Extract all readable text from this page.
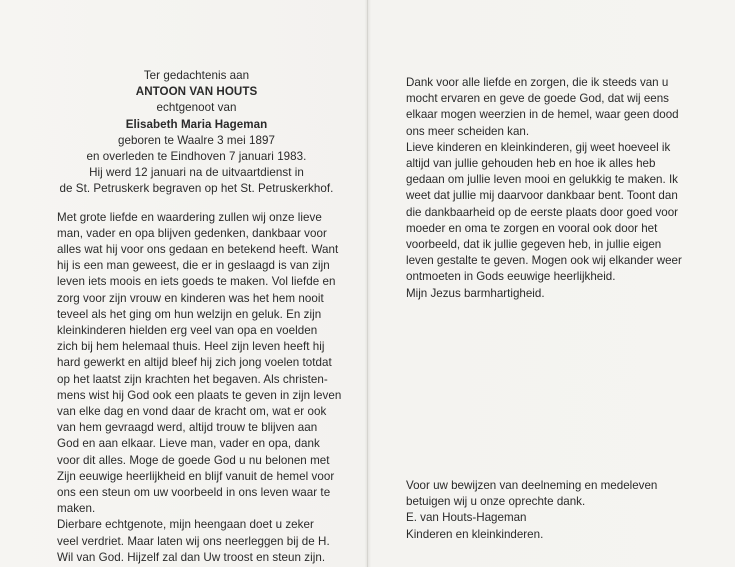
Ter gedachtenis aan
ANTOON VAN HOUTS
echtgenoot van
Elisabeth Maria Hageman
geboren te Waalre 3 mei 1897
en overleden te Eindhoven 7 januari 1983.
Hij werd 12 januari na de uitvaartdienst in
de St. Petruskerk begraven op het St. Petruskerkhof.
Met grote liefde en waardering zullen wij onze lieve
man, vader en opa blijven gedenken, dankbaar voor
alles wat hij voor ons gedaan en betekend heeft. Want
hij is een man geweest, die er in geslaagd is van zijn
leven iets moois en iets goeds te maken. Vol liefde en
zorg voor zijn vrouw en kinderen was het hem nooit
teveel als het ging om hun welzijn en geluk. En zijn
kleinkinderen hielden erg veel van opa en voelden
zich bij hem helemaal thuis. Heel zijn leven heeft hij
hard gewerkt en altijd bleef hij zich jong voelen totdat
op het laatst zijn krachten het begaven. Als christen-
mens wist hij God ook een plaats te geven in zijn leven
van elke dag en vond daar de kracht om, wat er ook
van hem gevraagd werd, altijd trouw te blijven aan
God en aan elkaar. Lieve man, vader en opa, dank
voor dit alles. Moge de goede God u nu belonen met
Zijn eeuwige heerlijkheid en blijf vanuit de hemel voor
ons een steun om uw voorbeeld in ons leven waar te
maken.
Dierbare echtgenote, mijn heengaan doet u zeker
veel verdriet. Maar laten wij ons neerleggen bij de H.
Wil van God. Hijzelf zal dan Uw troost en steun zijn.
Dank voor alle liefde en zorgen, die ik steeds van u
mocht ervaren en geve de goede God, dat wij eens
elkaar mogen weerzien in de hemel, waar geen dood
ons meer scheiden kan.
Lieve kinderen en kleinkinderen, gij weet hoeveel ik
altijd van jullie gehouden heb en hoe ik alles heb
gedaan om jullie leven mooi en gelukkig te maken. Ik
weet dat jullie mij daarvoor dankbaar bent. Toont dan
die dankbaarheid op de eerste plaats door goed voor
moeder en oma te zorgen en vooral ook door het
voorbeeld, dat ik jullie gegeven heb, in jullie eigen
leven gestalte te geven. Mogen ook wij elkander weer
ontmoeten in Gods eeuwige heerlijkheid.
Mijn Jezus barmhartigheid.
Voor uw bewijzen van deelneming en medeleven
betuigen wij u onze oprechte dank.
E. van Houts-Hageman
Kinderen en kleinkinderen.
